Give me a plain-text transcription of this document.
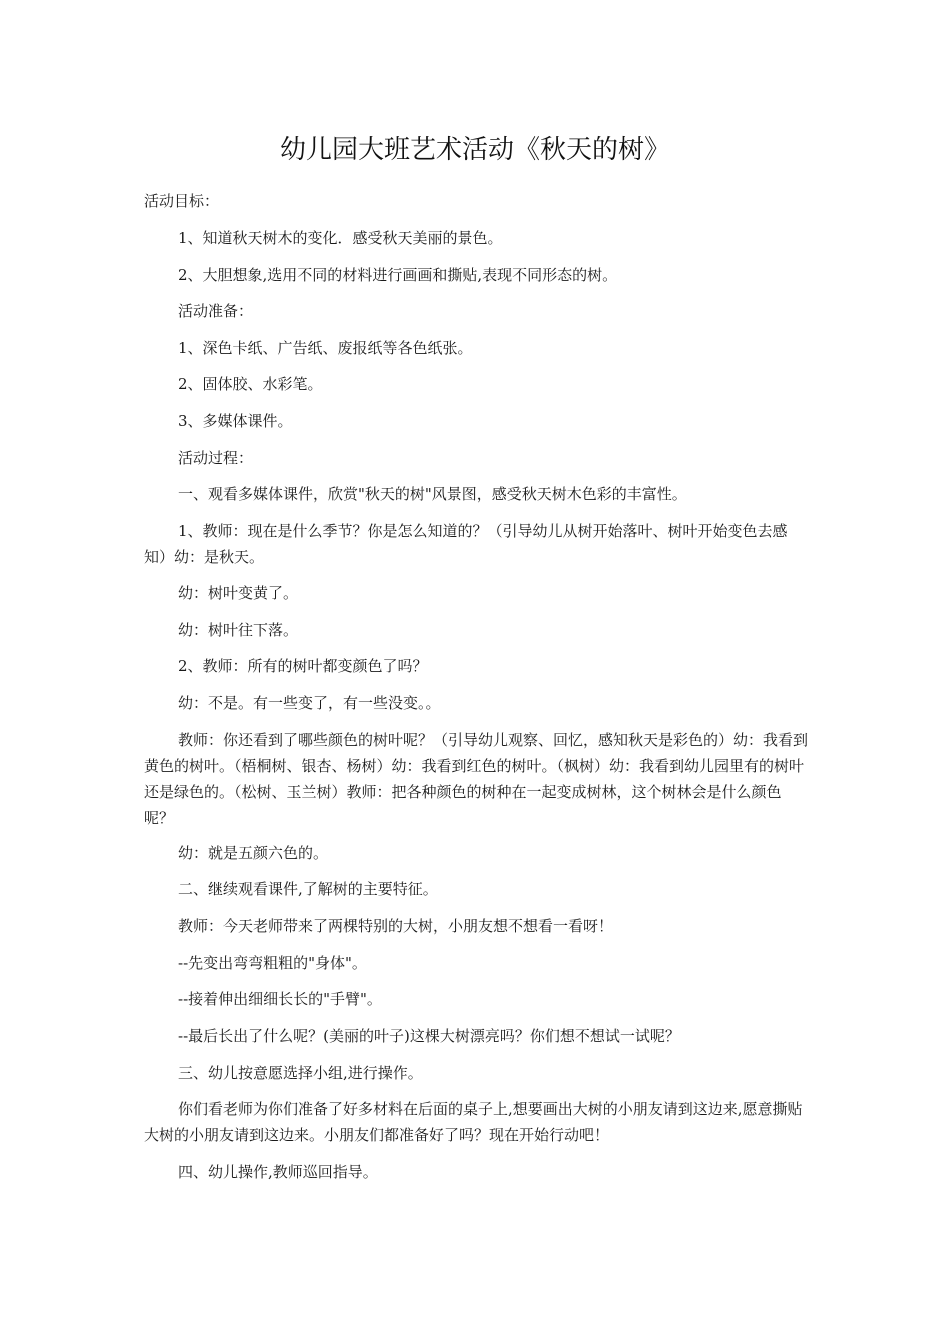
幼儿园大班艺术活动《秋天的树》

活动目标：

1、知道秋天树木的变化．感受秋天美丽的景色。

2、大胆想象,选用不同的材料进行画画和撕贴,表现不同形态的树。

活动准备：

1、深色卡纸、广告纸、废报纸等各色纸张。

2、固体胶、水彩笔。

3、多媒体课件。

活动过程：

一、观看多媒体课件，欣赏"秋天的树"风景图，感受秋天树木色彩的丰富性。

1、教师：现在是什么季节？你是怎么知道的？（引导幼儿从树开始落叶、树叶开始变色去感知）幼：是秋天。

幼：树叶变黄了。

幼：树叶往下落。

2、教师：所有的树叶都变颜色了吗？

幼：不是。有一些变了，有一些没变。。

教师：你还看到了哪些颜色的树叶呢？（引导幼儿观察、回忆，感知秋天是彩色的）幼：我看到黄色的树叶。（梧桐树、银杏、杨树）幼：我看到红色的树叶。（枫树）幼：我看到幼儿园里有的树叶还是绿色的。（松树、玉兰树）教师：把各种颜色的树种在一起变成树林，这个树林会是什么颜色呢？

幼：就是五颜六色的。

二、继续观看课件,了解树的主要特征。

教师：今天老师带来了两棵特别的大树，小朋友想不想看一看呀！

--先变出弯弯粗粗的"身体"。

--接着伸出细细长长的"手臂"。

--最后长出了什么呢？(美丽的叶子)这棵大树漂亮吗？你们想不想试一试呢？

三、幼儿按意愿选择小组,进行操作。

你们看老师为你们准备了好多材料在后面的桌子上,想要画出大树的小朋友请到这边来,愿意撕贴大树的小朋友请到这边来。小朋友们都准备好了吗？现在开始行动吧！

四、幼儿操作,教师巡回指导。
